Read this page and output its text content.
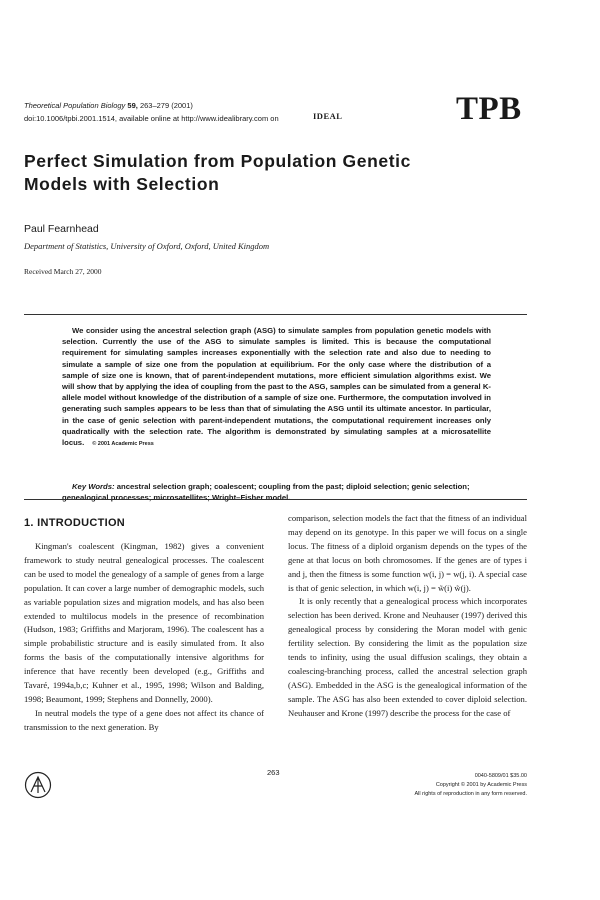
Theoretical Population Biology 59, 263–279 (2001)
doi:10.1006/tpbi.2001.1514, available online at http://www.idealibrary.com on	IDEAL	TPB
Perfect Simulation from Population Genetic
Models with Selection
Paul Fearnhead
Department of Statistics, University of Oxford, Oxford, United Kingdom
Received March 27, 2000

We consider using the ancestral selection graph (ASG) to simulate samples from population genetic models with selection. Currently the use of the ASG to simulate samples is limited. This is because the computational requirement for simulating samples increases exponentially with the selection rate and also due to needing to simulate a sample of size one from the population at equilibrium. For the only case where the distribution of a sample of size one is known, that of parent-independent mutations, more efficient simulation algorithms exist. We will show that by applying the idea of coupling from the past to the ASG, samples can be simulated from a general K-allele model without knowledge of the distribution of a sample of size one. Furthermore, the computation involved in generating such samples appears to be less than that of simulating the ASG until its ultimate ancestor. In particular, in the case of genic selection with parent-independent mutations, the computational requirement increases only quadratically with the selection rate. The algorithm is demonstrated by simulating samples at a microsatellite locus. © 2001 Academic Press

Key Words: ancestral selection graph; coalescent; coupling from the past; diploid selection; genic selection; genealogical processes; microsatellites; Wright–Fisher model.

1. INTRODUCTION

Kingman's coalescent (Kingman, 1982) gives a convenient framework to study neutral genealogical processes. The coalescent can be used to model the genealogy of a sample of genes from a large population. It can cover a large number of demographic models, such as variable population sizes and migration models, and has also been extended to multilocus models in the presence of recombination (Hudson, 1983; Griffiths and Marjoram, 1996). The coalescent has a simple probabilistic structure and is easily simulated from. It also forms the basis of the computationally intensive algorithms for inference that have recently been developed (e.g., Griffiths and Tavaré, 1994a,b,c; Kuhner et al., 1995, 1998; Wilson and Balding, 1998; Beaumont, 1999; Stephens and Donnelly, 2000).

In neutral models the type of a gene does not affect its chance of transmission to the next generation. By

comparison, selection models the fact that the fitness of an individual may depend on its genotype. In this paper we will focus on a single locus. The fitness of a diploid organism depends on the types of the gene at that locus on both chromosomes. If the genes are of types i and j, then the fitness is some function w(i, j) = w(j, i). A special case is that of genic selection, in which w(i, j) = w̃(i) w̃(j).

It is only recently that a genealogical process which incorporates selection has been derived. Krone and Neuhauser (1997) derived this genealogical process by considering the Moran model with genic fertility selection. By considering the limit as the population size tends to infinity, using the usual diffusion scalings, they obtain a coalescing-branching process, called the ancestral selection graph (ASG). Embedded in the ASG is the genealogical information of the sample. The ASG has also been extended to cover diploid selection. Neuhauser and Krone (1997) describe the process for the case of

263	0040-5809/01 $35.00
Copyright © 2001 by Academic Press
All rights of reproduction in any form reserved.
